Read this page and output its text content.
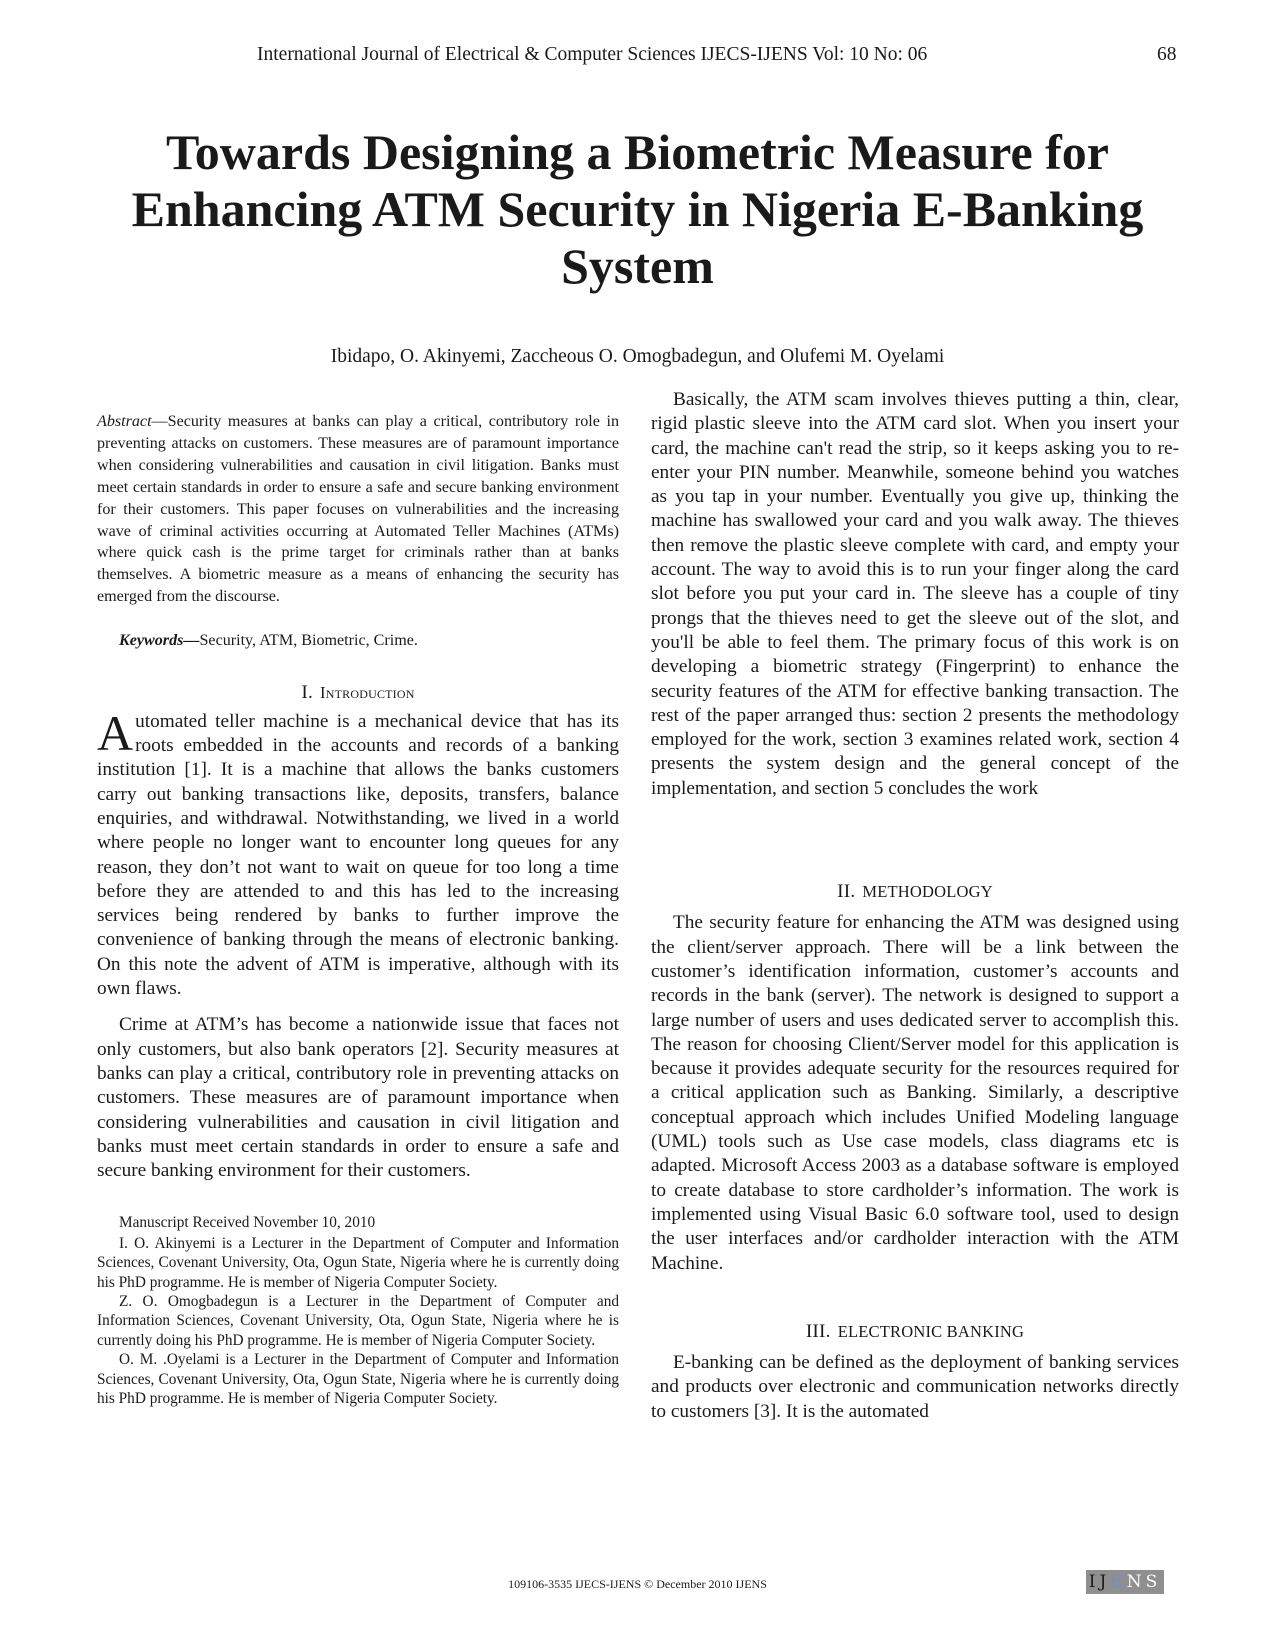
International Journal of Electrical & Computer Sciences IJECS-IJENS Vol: 10 No: 06	68
Towards Designing a Biometric Measure for Enhancing ATM Security in Nigeria E-Banking System
Ibidapo, O. Akinyemi, Zaccheous O. Omogbadegun, and Olufemi M. Oyelami

Abstract—Security measures at banks can play a critical, contributory role in preventing attacks on customers. These measures are of paramount importance when considering vulnerabilities and causation in civil litigation. Banks must meet certain standards in order to ensure a safe and secure banking environment for their customers. This paper focuses on vulnerabilities and the increasing wave of criminal activities occurring at Automated Teller Machines (ATMs) where quick cash is the prime target for criminals rather than at banks themselves. A biometric measure as a means of enhancing the security has emerged from the discourse.

Keywords—Security, ATM, Biometric, Crime.

I. Introduction

Automated teller machine is a mechanical device that has its roots embedded in the accounts and records of a banking institution [1]. It is a machine that allows the banks customers carry out banking transactions like, deposits, transfers, balance enquiries, and withdrawal. Notwithstanding, we lived in a world where people no longer want to encounter long queues for any reason, they don’t not want to wait on queue for too long a time before they are attended to and this has led to the increasing services being rendered by banks to further improve the convenience of banking through the means of electronic banking. On this note the advent of ATM is imperative, although with its own flaws.

Crime at ATM’s has become a nationwide issue that faces not only customers, but also bank operators [2]. Security measures at banks can play a critical, contributory role in preventing attacks on customers. These measures are of paramount importance when considering vulnerabilities and causation in civil litigation and banks must meet certain standards in order to ensure a safe and secure banking environment for their customers.

Manuscript Received November 10, 2010

I. O. Akinyemi is a Lecturer in the Department of Computer and Information Sciences, Covenant University, Ota, Ogun State, Nigeria where he is currently doing his PhD programme. He is member of Nigeria Computer Society.

Z. O. Omogbadegun is a Lecturer in the Department of Computer and Information Sciences, Covenant University, Ota, Ogun State, Nigeria where he is currently doing his PhD programme. He is member of Nigeria Computer Society.

O. M. .Oyelami is a Lecturer in the Department of Computer and Information Sciences, Covenant University, Ota, Ogun State, Nigeria where he is currently doing his PhD programme. He is member of Nigeria Computer Society.

Basically, the ATM scam involves thieves putting a thin, clear, rigid plastic sleeve into the ATM card slot. When you insert your card, the machine can't read the strip, so it keeps asking you to re-enter your PIN number. Meanwhile, someone behind you watches as you tap in your number. Eventually you give up, thinking the machine has swallowed your card and you walk away. The thieves then remove the plastic sleeve complete with card, and empty your account. The way to avoid this is to run your finger along the card slot before you put your card in. The sleeve has a couple of tiny prongs that the thieves need to get the sleeve out of the slot, and you'll be able to feel them. The primary focus of this work is on developing a biometric strategy (Fingerprint) to enhance the security features of the ATM for effective banking transaction. The rest of the paper arranged thus: section 2 presents the methodology employed for the work, section 3 examines related work, section 4 presents the system design and the general concept of the implementation, and section 5 concludes the work

II. METHODOLOGY

The security feature for enhancing the ATM was designed using the client/server approach. There will be a link between the customer’s identification information, customer’s accounts and records in the bank (server). The network is designed to support a large number of users and uses dedicated server to accomplish this. The reason for choosing Client/Server model for this application is because it provides adequate security for the resources required for a critical application such as Banking. Similarly, a descriptive conceptual approach which includes Unified Modeling language (UML) tools such as Use case models, class diagrams etc is adapted. Microsoft Access 2003 as a database software is employed to create database to store cardholder’s information. The work is implemented using Visual Basic 6.0 software tool, used to design the user interfaces and/or cardholder interaction with the ATM Machine.

III. ELECTRONIC BANKING

E-banking can be defined as the deployment of banking services and products over electronic and communication networks directly to customers [3]. It is the automated

109106-3535 IJECS-IJENS © December 2010 IJENS	IJENS
